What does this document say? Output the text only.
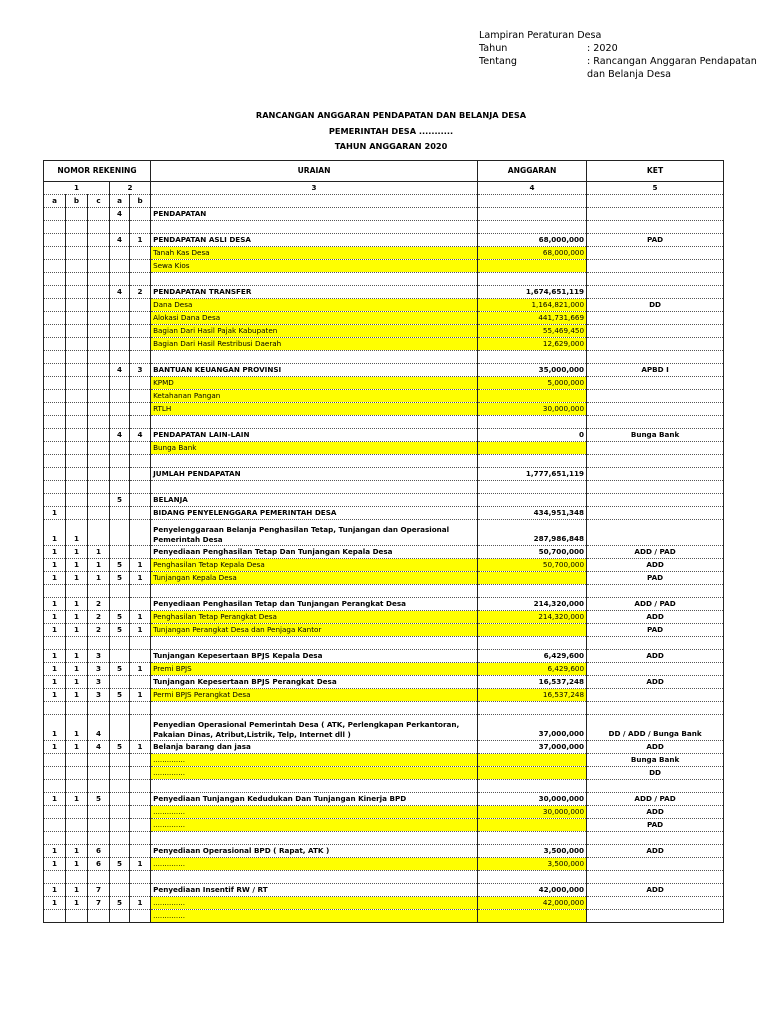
Lampiran Peraturan Desa
Tahun	: 2020
Tentang	: Rancangan Anggaran Pendapatan dan Belanja Desa
RANCANGAN ANGGARAN PENDAPATAN DAN BELANJA DESA
PEMERINTAH DESA ...........
TAHUN ANGGARAN 2020
NOMOR REKENING					URAIAN	ANGGARAN	KET
1			2		3	4	5
a	b	c	a	b			
			4		PENDAPATAN		

			4	1	PENDAPATAN ASLI DESA	68,000,000	PAD
					Tanah Kas Desa	68,000,000	
					Sewa Kios		

			4	2	PENDAPATAN TRANSFER	1,674,651,119	
					Dana Desa	1,164,821,000	DD
					Alokasi Dana Desa	441,731,669	
					Bagian Dari Hasil Pajak Kabupaten	55,469,450	
					Bagian Dari Hasil Restribusi Daerah	12,629,000	

			4	3	BANTUAN KEUANGAN PROVINSI	35,000,000	APBD I
					KPMD	5,000,000	
					Ketahanan Pangan		
					RTLH	30,000,000	

			4	4	PENDAPATAN LAIN-LAIN	0	Bunga Bank
					Bunga Bank		

					JUMLAH PENDAPATAN	1,777,651,119	

			5		BELANJA		
1					BIDANG PENYELENGGARA PEMERINTAH DESA	434,951,348	
1	1				Penyelenggaraan Belanja Penghasilan Tetap, Tunjangan dan Operasional Pemerintah Desa	287,986,848	
1	1	1			Penyediaan Penghasilan Tetap Dan Tunjangan Kepala Desa	50,700,000	ADD / PAD
1	1	1	5	1	Penghasilan Tetap Kepala Desa	50,700,000	ADD
1	1	1	5	1	Tunjangan Kepala Desa		PAD

1	1	2			Penyediaan Penghasilan Tetap dan Tunjangan Perangkat Desa	214,320,000	ADD / PAD
1	1	2	5	1	Penghasilan Tetap Perangkat Desa	214,320,000	ADD
1	1	2	5	1	Tunjangan Perangkat Desa dan Penjaga Kantor		PAD

1	1	3			Tunjangan Kepesertaan BPJS Kepala Desa	6,429,600	ADD
1	1	3	5	1	Premi BPJS	6,429,600	
1	1	3			Tunjangan Kepesertaan BPJS Perangkat Desa	16,537,248	ADD
1	1	3	5	1	Permi BPJS Perangkat Desa	16,537,248	

1	1	4			Penyedian Operasional Pemerintah Desa ( ATK, Perlengkapan Perkantoran, Pakaian Dinas, Atribut,Listrik, Telp, Internet dll )	37,000,000	DD / ADD / Bunga Bank
1	1	4	5	1	Belanja barang dan jasa	37,000,000	ADD
					..............		Bunga Bank
					..............		DD

1	1	5			Penyediaan Tunjangan Kedudukan Dan Tunjangan Kinerja BPD	30,000,000	ADD / PAD
					..............	30,000,000	ADD
					..............		PAD

1	1	6			Penyediaan Operasional BPD ( Rapat, ATK )	3,500,000	ADD
1	1	6	5	1	..............	3,500,000	

1	1	7			Penyediaan Insentif RW / RT	42,000,000	ADD
1	1	7	5	1	..............	42,000,000	
					..............		
